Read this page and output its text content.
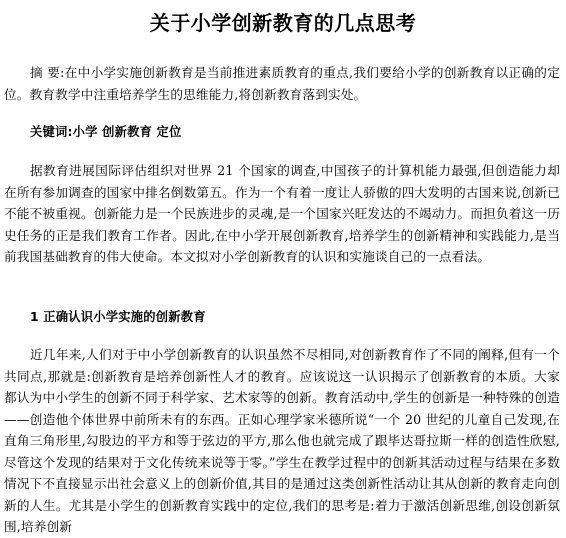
关于小学创新教育的几点思考

摘 要:在中小学实施创新教育是当前推进素质教育的重点,我们要给小学的创新教育以正确的定位。教育教学中注重培养学生的思维能力,将创新教育落到实处。

关键词:小学 创新教育 定位

据教育进展国际评估组织对世界 21 个国家的调查,中国孩子的计算机能力最强,但创造能力却在所有参加调查的国家中排名倒数第五。作为一个有着一度让人骄傲的四大发明的古国来说,创新已不能不被重视。创新能力是一个民族进步的灵魂,是一个国家兴旺发达的不竭动力。而担负着这一历史任务的正是我们教育工作者。因此,在中小学开展创新教育,培养学生的创新精神和实践能力,是当前我国基础教育的伟大使命。本文拟对小学创新教育的认识和实施谈自己的一点看法。

1 正确认识小学实施的创新教育

近几年来,人们对于中小学创新教育的认识虽然不尽相同,对创新教育作了不同的阐释,但有一个共同点,那就是:创新教育是培养创新性人才的教育。应该说这一认识揭示了创新教育的本质。大家都认为中小学生的创新不同于科学家、艺术家等的创新。教育活动中,学生的创新是一种特殊的创造——创造他个体世界中前所未有的东西。正如心理学家米德所说“一个 20 世纪的儿童自己发现,在直角三角形里,勾股边的平方和等于弦边的平方,那么他也就完成了跟毕达哥拉斯一样的创造性欣慰,尽管这个发现的结果对于文化传统来说等于零。”学生在教学过程中的创新其活动过程与结果在多数情况下不直接显示出社会意义上的创新价值,其目的是通过这类创新性活动让其从创新的教育走向创新的人生。尤其是小学生的创新教育实践中的定位,我们的思考是:着力于激活创新思维,创设创新氛围,培养创新
